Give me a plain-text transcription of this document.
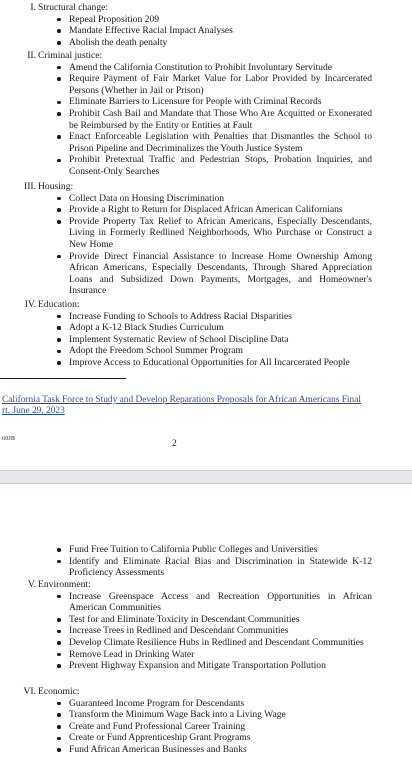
I. Structural change:
Repeal Proposition 209
Mandate Effective Racial Impact Analyses
Abolish the death penalty
II. Criminal justice:
Amend the California Constitution to Prohibit Involuntary Servitude
Require Payment of Fair Market Value for Labor Provided by Incarcerated Persons (Whether in Jail or Prison)
Eliminate Barriers to Licensure for People with Criminal Records
Prohibit Cash Bail and Mandate that Those Who Are Acquitted or Exonerated be Reimbursed by the Entity or Entities at Fault
Enact Enforceable Legislation with Penalties that Dismantles the School to Prison Pipeline and Decriminalizes the Youth Justice System
Prohibit Pretextual Traffic and Pedestrian Stops, Probation Inquiries, and Consent-Only Searches
III. Housing:
Collect Data on Housing Discrimination
Provide a Right to Return for Displaced African American Californians
Provide Property Tax Relief to African Americans, Especially Descendants, Living in Formerly Redlined Neighborhoods, Who Purchase or Construct a New Home
Provide Direct Financial Assistance to Increase Home Ownership Among African Americans, Especially Descendants, Through Shared Appreciation Loans and Subsidized Down Payments, Mortgages, and Homeowner's Insurance
IV. Education:
Increase Funding to Schools to Address Racial Disparities
Adopt a K-12 Black Studies Curriculum
Implement Systematic Review of School Discipline Data
Adopt the Freedom School Summer Program
Improve Access to Educational Opportunities for All Incarcerated People
California Task Force to Study and Develop Reparations Proposals for African Americans Final
rt, June 29, 2023
60JB	2
Fund Free Tuition to California Public Colleges and Universities
Identify and Eliminate Racial Bias and Discrimination in Statewide K-12 Proficiency Assessments
V. Environment:
Increase Greenspace Access and Recreation Opportunities in African American Communities
Test for and Eliminate Toxicity in Descendant Communities
Increase Trees in Redlined and Descendant Communities
Develop Climate Resilience Hubs in Redlined and Descendant Communities
Remove Lead in Drinking Water
Prevent Highway Expansion and Mitigate Transportation Pollution
VI. Economic:
Guaranteed Income Program for Descendants
Transform the Minimum Wage Back into a Living Wage
Create and Fund Professional Career Training
Create or Fund Apprenticeship Grant Programs
Fund African American Businesses and Banks
